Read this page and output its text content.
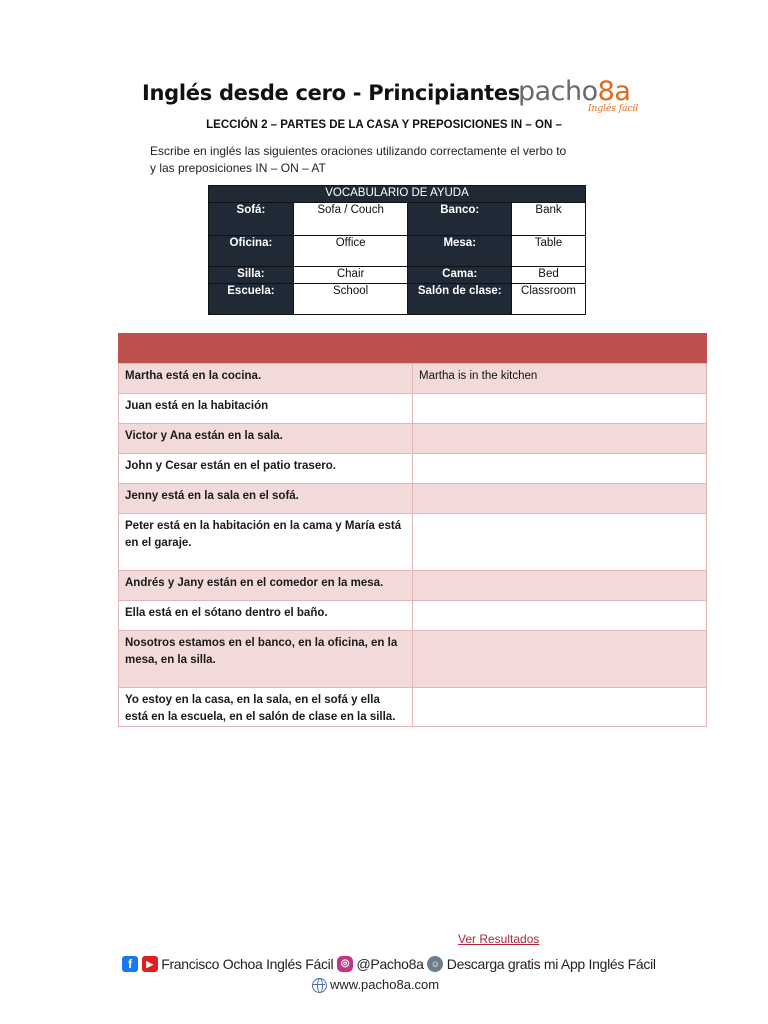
Inglés desde cero - Principiantes
pacho8a
Inglés fácil
LECCIÓN 2 – PARTES DE LA CASA Y PREPOSICIONES IN – ON –
Escribe en inglés las siguientes oraciones utilizando correctamente el verbo to
y las preposiciones IN – ON – AT
VOCABULARIO DE AYUDA			
Sofá:	Sofa / Couch	Banco:	Bank
Oficina:	Office	Mesa:	Table
Silla:	Chair	Cama:	Bed
Escuela:	School	Salón de clase:	Classroom
Martha está en la cocina.	Martha is in the kitchen
Juan está en la habitación	
Victor y Ana están en la sala.	
John y Cesar están en el patio trasero.	
Jenny está en la sala en el sofá.	
Peter está en la habitación en la cama y María está en el garaje.	
Andrés y Jany están en el comedor en la mesa.	
Ella está en el sótano dentro el baño.	
Nosotros estamos en el banco, en la oficina, en la mesa, en la silla.	
Yo estoy en la casa, en la sala, en el sofá y ella está en la escuela, en el salón de clase en la silla.	
Ver Resultados
f ▶ Francisco Ochoa Inglés Fácil ◎ @Pacho8a ☺ Descarga gratis mi App Inglés Fácil
www.pacho8a.com
